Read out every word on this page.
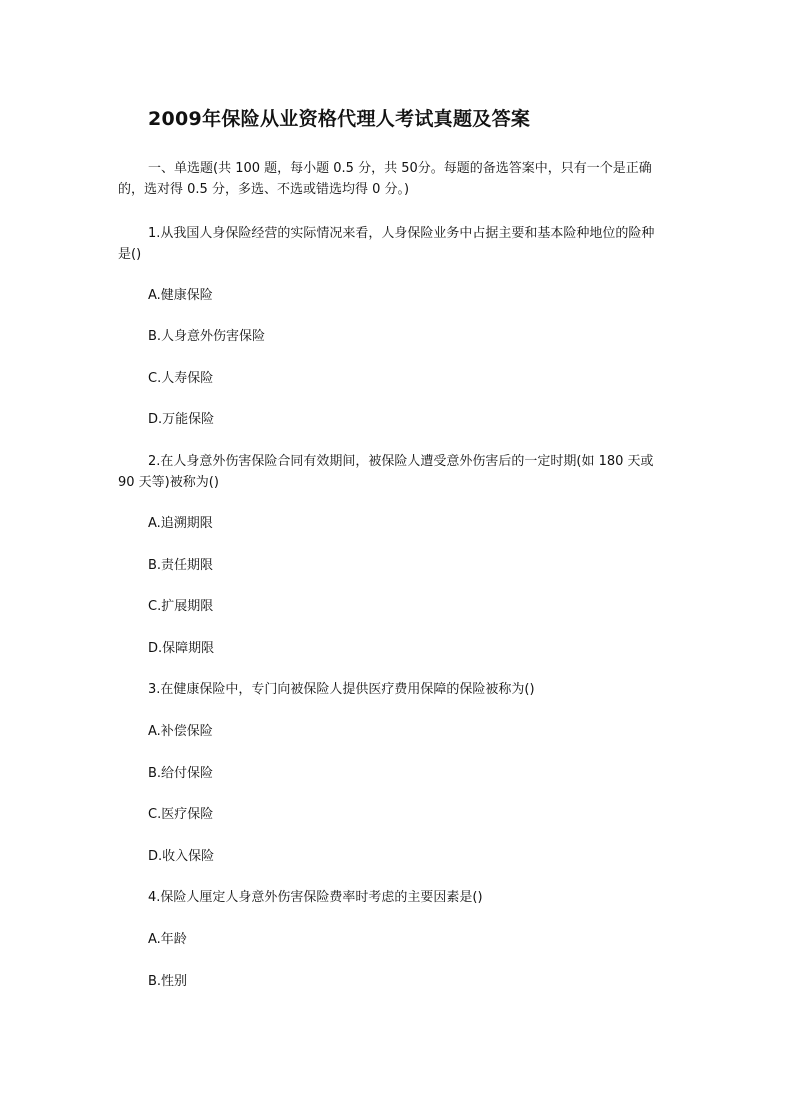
2009年保险从业资格代理人考试真题及答案
一、单选题(共 100 题，每小题 0.5 分，共 50分。每题的备选答案中，只有一个是正确的，选对得 0.5 分，多选、不选或错选均得 0 分。)
1.从我国人身保险经营的实际情况来看，人身保险业务中占据主要和基本险种地位的险种是()
A.健康保险
B.人身意外伤害保险
C.人寿保险
D.万能保险
2.在人身意外伤害保险合同有效期间，被保险人遭受意外伤害后的一定时期(如 180 天或 90 天等)被称为()
A.追溯期限
B.责任期限
C.扩展期限
D.保障期限
3.在健康保险中，专门向被保险人提供医疗费用保障的保险被称为()
A.补偿保险
B.给付保险
C.医疗保险
D.收入保险
4.保险人厘定人身意外伤害保险费率时考虑的主要因素是()
A.年龄
B.性别
